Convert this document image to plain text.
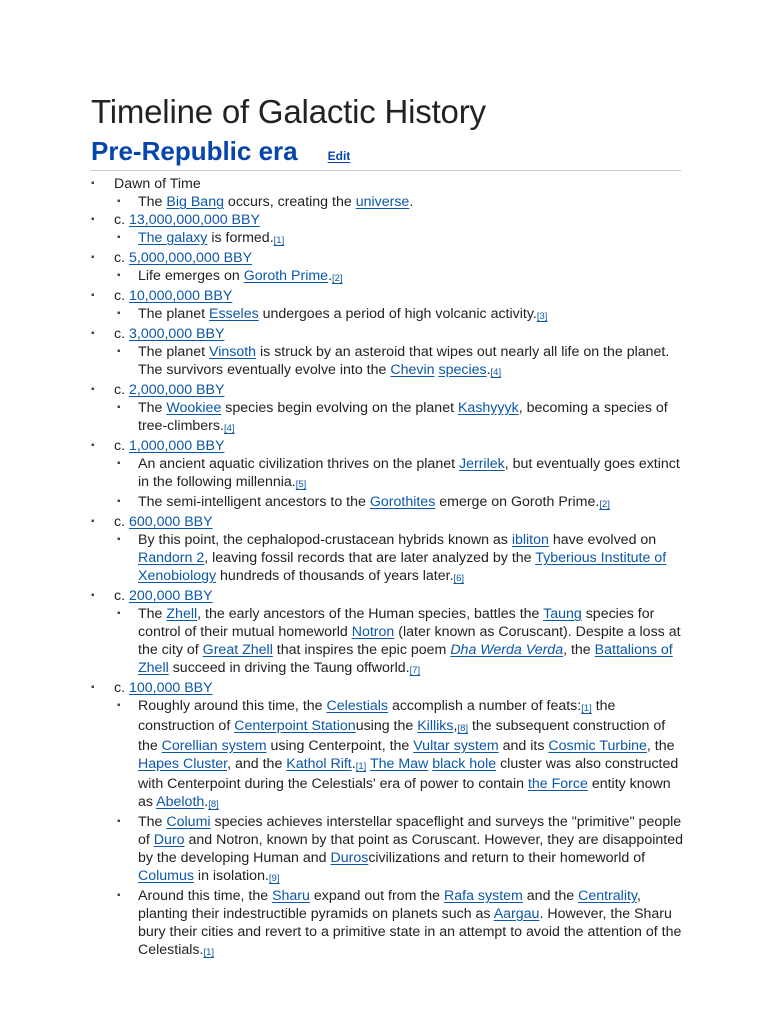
Timeline of Galactic History
Pre-Republic era	Edit
▪ Dawn of Time
▪ The Big Bang occurs, creating the universe.
▪ c. 13,000,000,000 BBY
▪ The galaxy is formed.[1]
▪ c. 5,000,000,000 BBY
▪ Life emerges on Goroth Prime.[2]
▪ c. 10,000,000 BBY
▪ The planet Esseles undergoes a period of high volcanic activity.[3]
▪ c. 3,000,000 BBY
▪ The planet Vinsoth is struck by an asteroid that wipes out nearly all life on the planet. The survivors eventually evolve into the Chevin species.[4]
▪ c. 2,000,000 BBY
▪ The Wookiee species begin evolving on the planet Kashyyyk, becoming a species of tree-climbers.[4]
▪ c. 1,000,000 BBY
▪ An ancient aquatic civilization thrives on the planet Jerrilek, but eventually goes extinct in the following millennia.[5]
▪ The semi-intelligent ancestors to the Gorothites emerge on Goroth Prime.[2]
▪ c. 600,000 BBY
▪ By this point, the cephalopod-crustacean hybrids known as ibliton have evolved on Randorn 2, leaving fossil records that are later analyzed by the Tyberious Institute of Xenobiology hundreds of thousands of years later.[6]
▪ c. 200,000 BBY
▪ The Zhell, the early ancestors of the Human species, battles the Taung species for control of their mutual homeworld Notron (later known as Coruscant). Despite a loss at the city of Great Zhell that inspires the epic poem Dha Werda Verda, the Battalions of Zhell succeed in driving the Taung offworld.[7]
▪ c. 100,000 BBY
▪ Roughly around this time, the Celestials accomplish a number of feats:[1] the construction of Centerpoint Stationusing the Killiks,[8] the subsequent construction of the Corellian system using Centerpoint, the Vultar system and its Cosmic Turbine, the Hapes Cluster, and the Kathol Rift.[1] The Maw black hole cluster was also constructed with Centerpoint during the Celestials' era of power to contain the Force entity known as Abeloth.[8]
▪ The Columi species achieves interstellar spaceflight and surveys the "primitive" people of Duro and Notron, known by that point as Coruscant. However, they are disappointed by the developing Human and Duroscivilizations and return to their homeworld of Columus in isolation.[9]
▪ Around this time, the Sharu expand out from the Rafa system and the Centrality, planting their indestructible pyramids on planets such as Aargau. However, the Sharu bury their cities and revert to a primitive state in an attempt to avoid the attention of the Celestials.[1]
